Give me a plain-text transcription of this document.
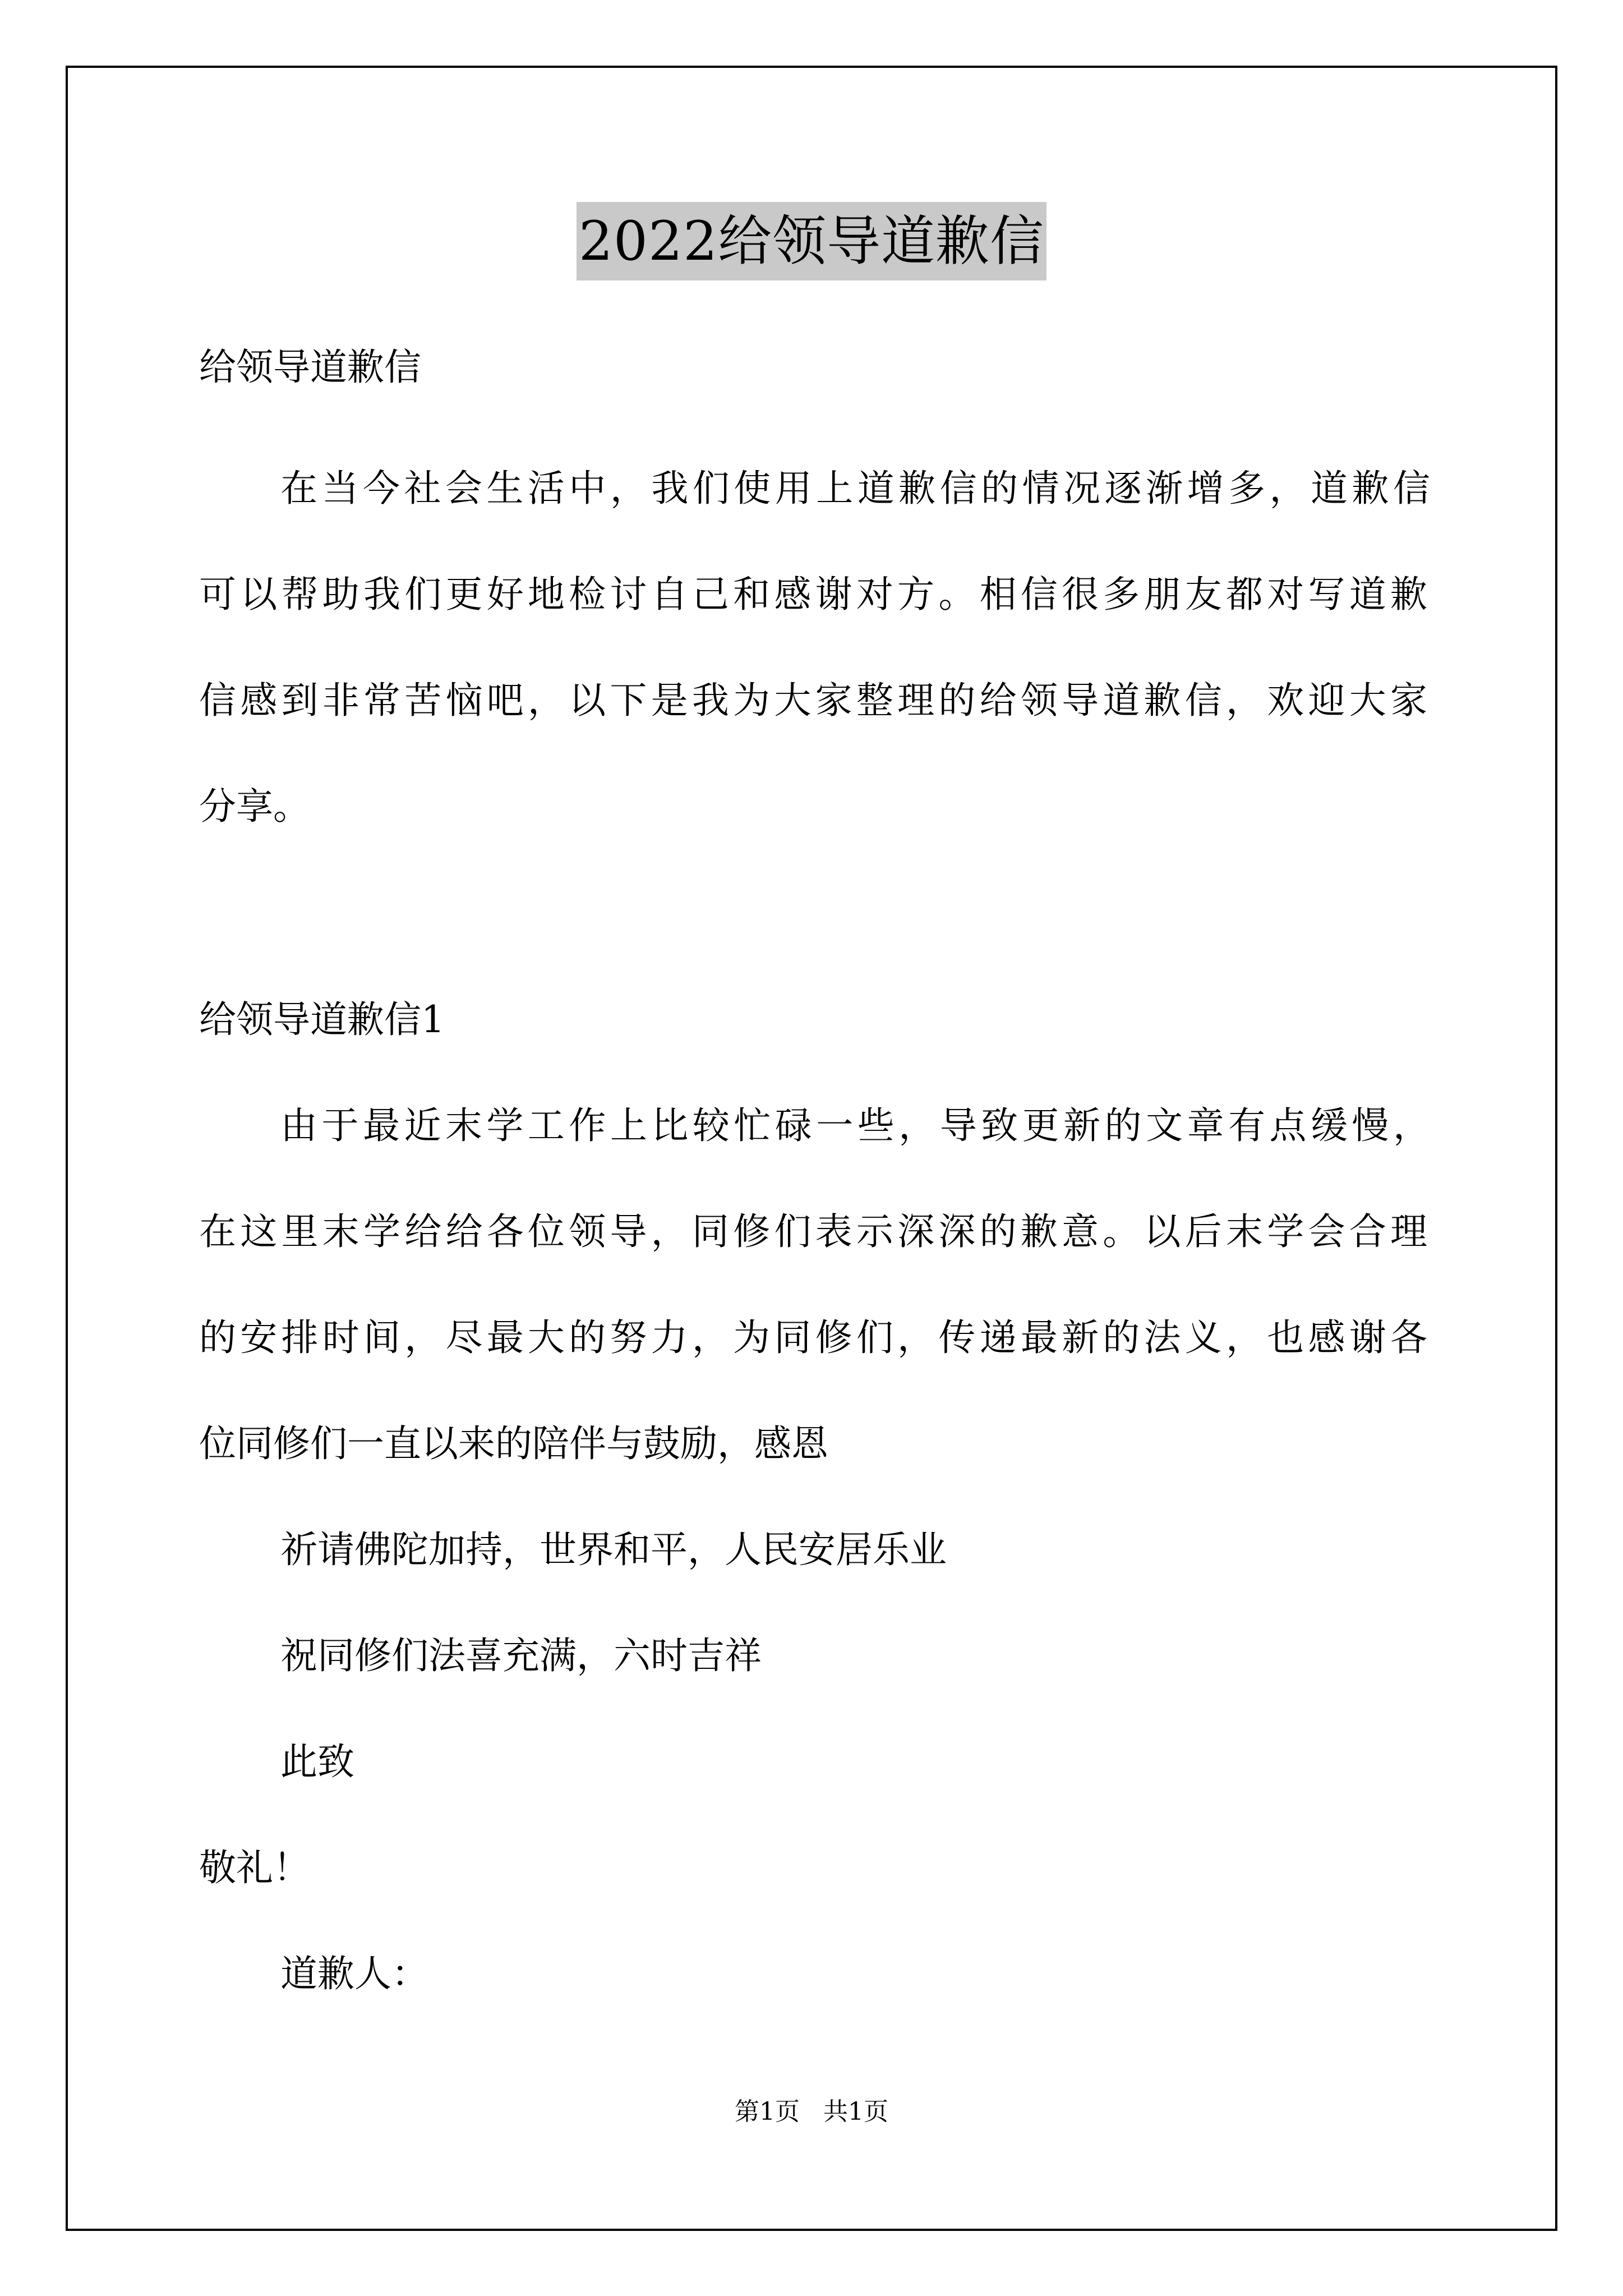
2022给领导道歉信
给领导道歉信
在当今社会生活中，我们使用上道歉信的情况逐渐增多，道歉信
可以帮助我们更好地检讨自己和感谢对方。相信很多朋友都对写道歉
信感到非常苦恼吧，以下是我为大家整理的给领导道歉信，欢迎大家
分享。
给领导道歉信1
由于最近末学工作上比较忙碌一些，导致更新的文章有点缓慢，
在这里末学给给各位领导，同修们表示深深的歉意。以后末学会合理
的安排时间，尽最大的努力，为同修们，传递最新的法义，也感谢各
位同修们一直以来的陪伴与鼓励，感恩
祈请佛陀加持，世界和平，人民安居乐业
祝同修们法喜充满，六时吉祥
此致
敬礼！
道歉人：
第1页 共1页
